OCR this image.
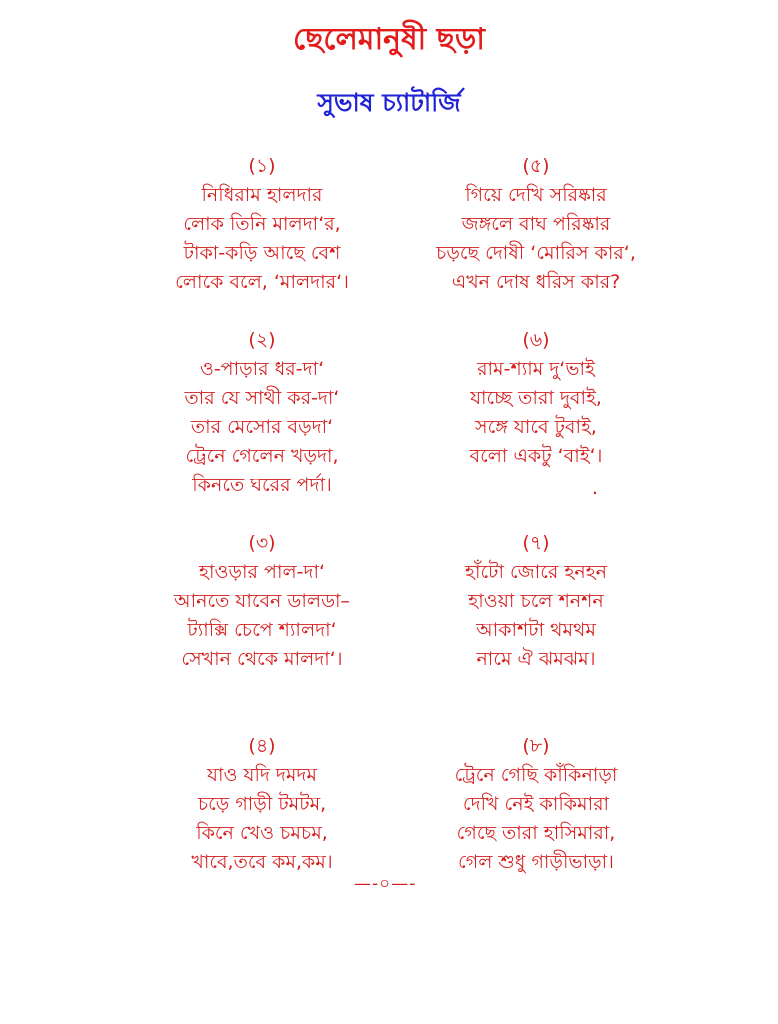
ছেলেমানুষী ছড়া
সুভাষ চ্যাটার্জি
(১)
নিধিরাম হালদার
লোক তিনি মালদা‘র,
টাকা-কড়ি আছে বেশ
লোকে বলে, ‘মালদার‘।
(২)
ও-পাড়ার ধর-দা‘
তার যে সাথী কর-দা‘
তার মেসোর বড়দা‘
ট্রেনে গেলেন খড়দা,
কিনতে ঘরের পর্দা।
(৩)
হাওড়ার পাল-দা‘
আনতে যাবেন ডালডা–
ট্যাক্সি চেপে শ্যালদা‘
সেখান থেকে মালদা‘।
(৪)
যাও যদি দমদম
চড়ে গাড়ী টমটম,
কিনে খেও চমচম,
খাবে,তবে কম,কম।
(৫)
গিয়ে দেখি সরিষ্কার
জঙ্গলে বাঘ পরিষ্কার
চড়ছে দোষী ‘মোরিস কার‘,
এখন দোষ ধরিস কার?
(৬)
রাম-শ্যাম দু‘ভাই
যাচ্ছে তারা দুবাই,
সঙ্গে যাবে টুবাই,
বলো একটু ‘বাই‘।

(৭)
হাঁটো জোরে হনহন
হাওয়া চলে শনশন
আকাশটা থমথম
নামে ঐ ঝমঝম।
(৮)
ট্রেনে গেছি কাঁকিনাড়া
দেখি নেই কাকিমারা
গেছে তারা হাসিমারা,
গেল শুধু গাড়ীভাড়া।
.
—-০—-
